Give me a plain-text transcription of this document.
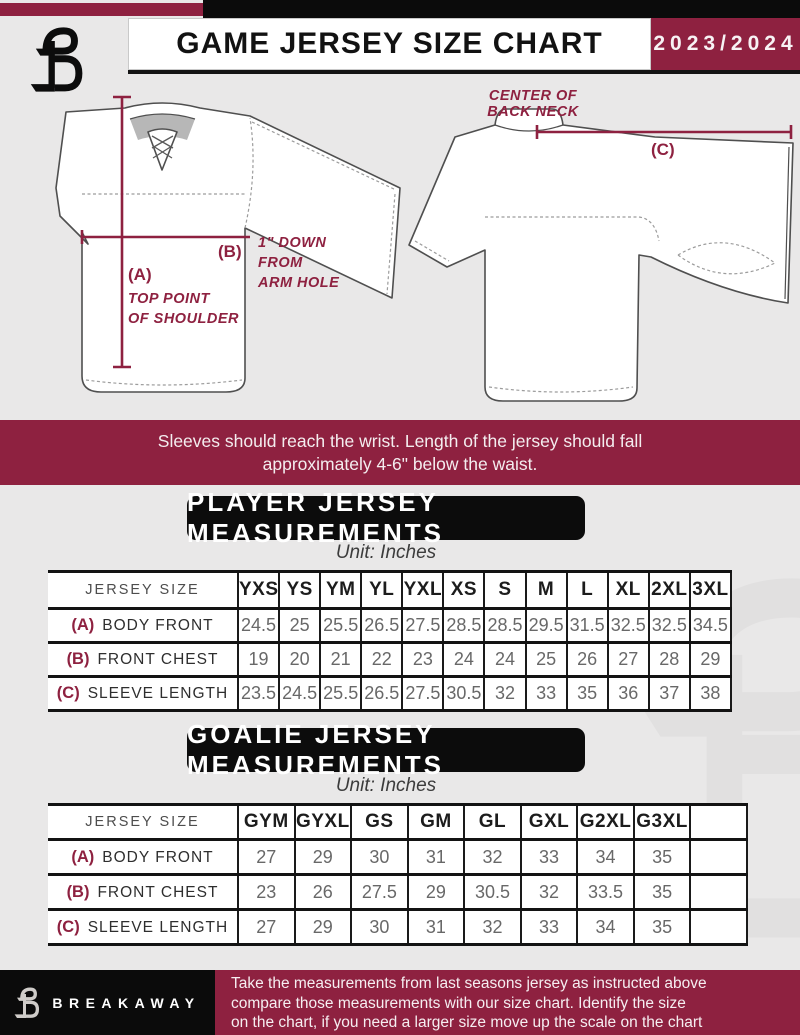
GAME JERSEY SIZE CHART 2023/2024
(B) 1" DOWN
FROM
ARM HOLE
(A)
TOP POINT
OF SHOULDER
CENTER OF
BACK NECK
(C)
Sleeves should reach the wrist. Length of the jersey should fall
approximately 4-6" below the waist.
PLAYER JERSEY MEASUREMENTS
Unit: Inches
JERSEY SIZE	YXS	YS	YM	YL	YXL	XS	S	M	L	XL	2XL	3XL
(A) BODY FRONT	24.5	25	25.5	26.5	27.5	28.5	28.5	29.5	31.5	32.5	32.5	34.5
(B) FRONT CHEST	19	20	21	22	23	24	24	25	26	27	28	29
(C) SLEEVE LENGTH	23.5	24.5	25.5	26.5	27.5	30.5	32	33	35	36	37	38
GOALIE JERSEY MEASUREMENTS
Unit: Inches
JERSEY SIZE	GYM	GYXL	GS	GM	GL	GXL	G2XL	G3XL	
(A) BODY FRONT	27	29	30	31	32	33	34	35	
(B) FRONT CHEST	23	26	27.5	29	30.5	32	33.5	35	
(C) SLEEVE LENGTH	27	29	30	31	32	33	34	35	
BREAKAWAY
Take the measurements from last seasons jersey as instructed above
compare those measurements with our size chart. Identify the size
on the chart, if you need a larger size move up the scale on the chart
